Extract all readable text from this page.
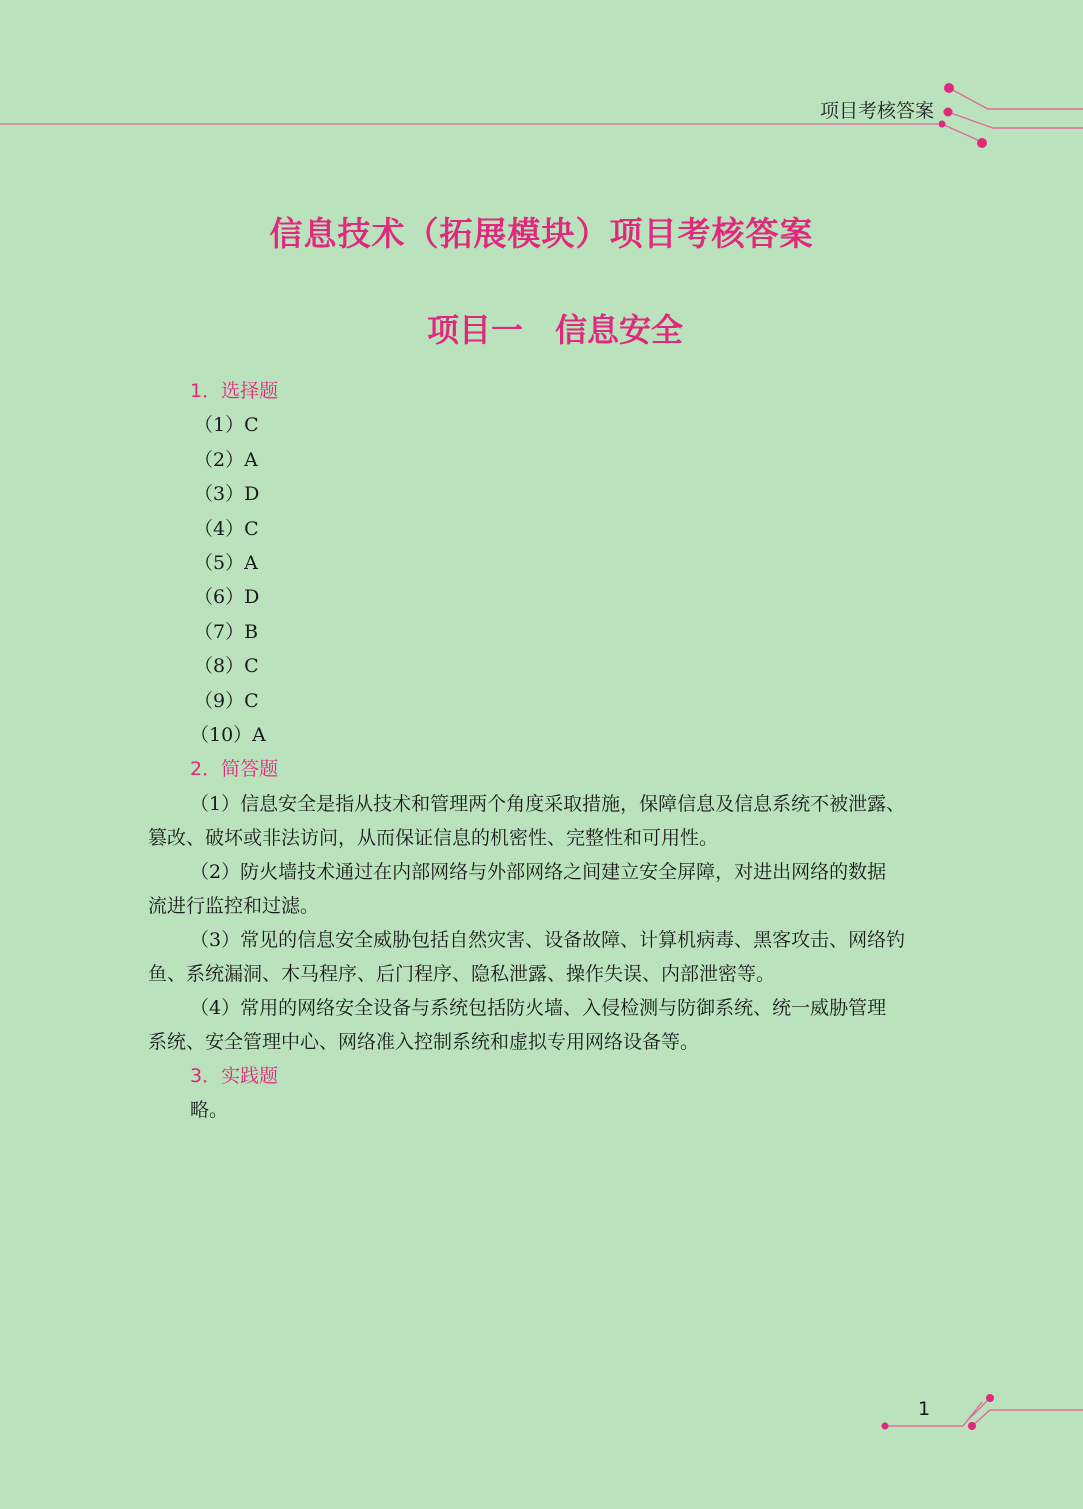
项目考核答案
信息技术（拓展模块）项目考核答案
项目一　信息安全
1．选择题
（1）C
（2）A
（3）D
（4）C
（5）A
（6）D
（7）B
（8）C
（9）C
（10）A
2．简答题

（1）信息安全是指从技术和管理两个角度采取措施，保障信息及信息系统不被泄露、
篡改、破坏或非法访问，从而保证信息的机密性、完整性和可用性。

（2）防火墙技术通过在内部网络与外部网络之间建立安全屏障，对进出网络的数据
流进行监控和过滤。

（3）常见的信息安全威胁包括自然灾害、设备故障、计算机病毒、黑客攻击、网络钓
鱼、系统漏洞、木马程序、后门程序、隐私泄露、操作失误、内部泄密等。

（4）常用的网络安全设备与系统包括防火墙、入侵检测与防御系统、统一威胁管理
系统、安全管理中心、网络准入控制系统和虚拟专用网络设备等。

3．实践题
略。
1
